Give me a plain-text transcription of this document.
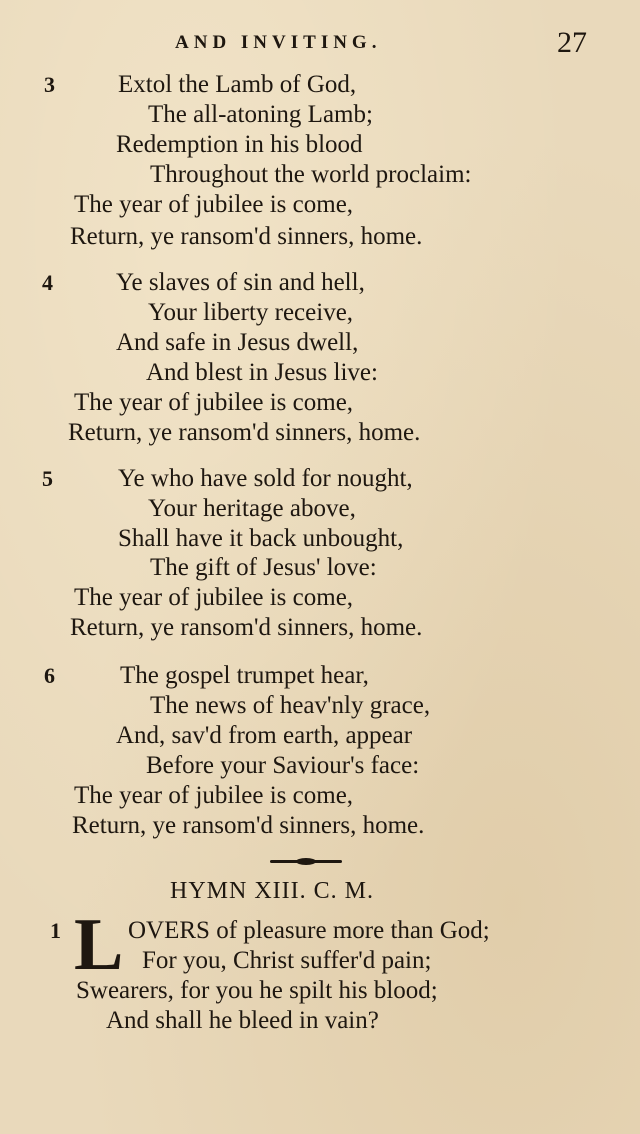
AND INVITING.	27
3	Extol the Lamb of God,
The all-atoning Lamb;
Redemption in his blood
Throughout the world proclaim:
The year of jubilee is come,
Return, ye ransom'd sinners, home.
4	Ye slaves of sin and hell,
Your liberty receive,
And safe in Jesus dwell,
And blest in Jesus live:
The year of jubilee is come,
Return, ye ransom'd sinners, home.
5	Ye who have sold for nought,
Your heritage above,
Shall have it back unbought,
The gift of Jesus' love:
The year of jubilee is come,
Return, ye ransom'd sinners, home.
6	The gospel trumpet hear,
The news of heav'nly grace,
And, sav'd from earth, appear
Before your Saviour's face:
The year of jubilee is come,
Return, ye ransom'd sinners, home.
HYMN XIII. C. M.
1 L OVERS of pleasure more than God;
For you, Christ suffer'd pain;
Swearers, for you he spilt his blood;
And shall he bleed in vain?
